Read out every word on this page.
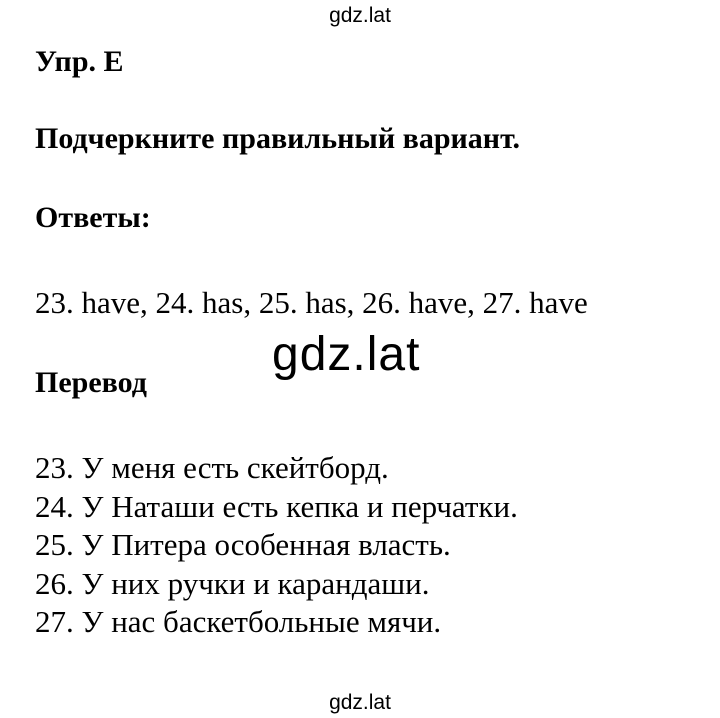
gdz.lat
Упр. Е
Подчеркните правильный вариант.
Ответы:
23. have, 24. has, 25. has, 26. have, 27. have
gdz.lat
Перевод
23. У меня есть скейтборд.
24. У Наташи есть кепка и перчатки.
25. У Питера особенная власть.
26. У них ручки и карандаши.
27. У нас баскетбольные мячи.
gdz.lat
